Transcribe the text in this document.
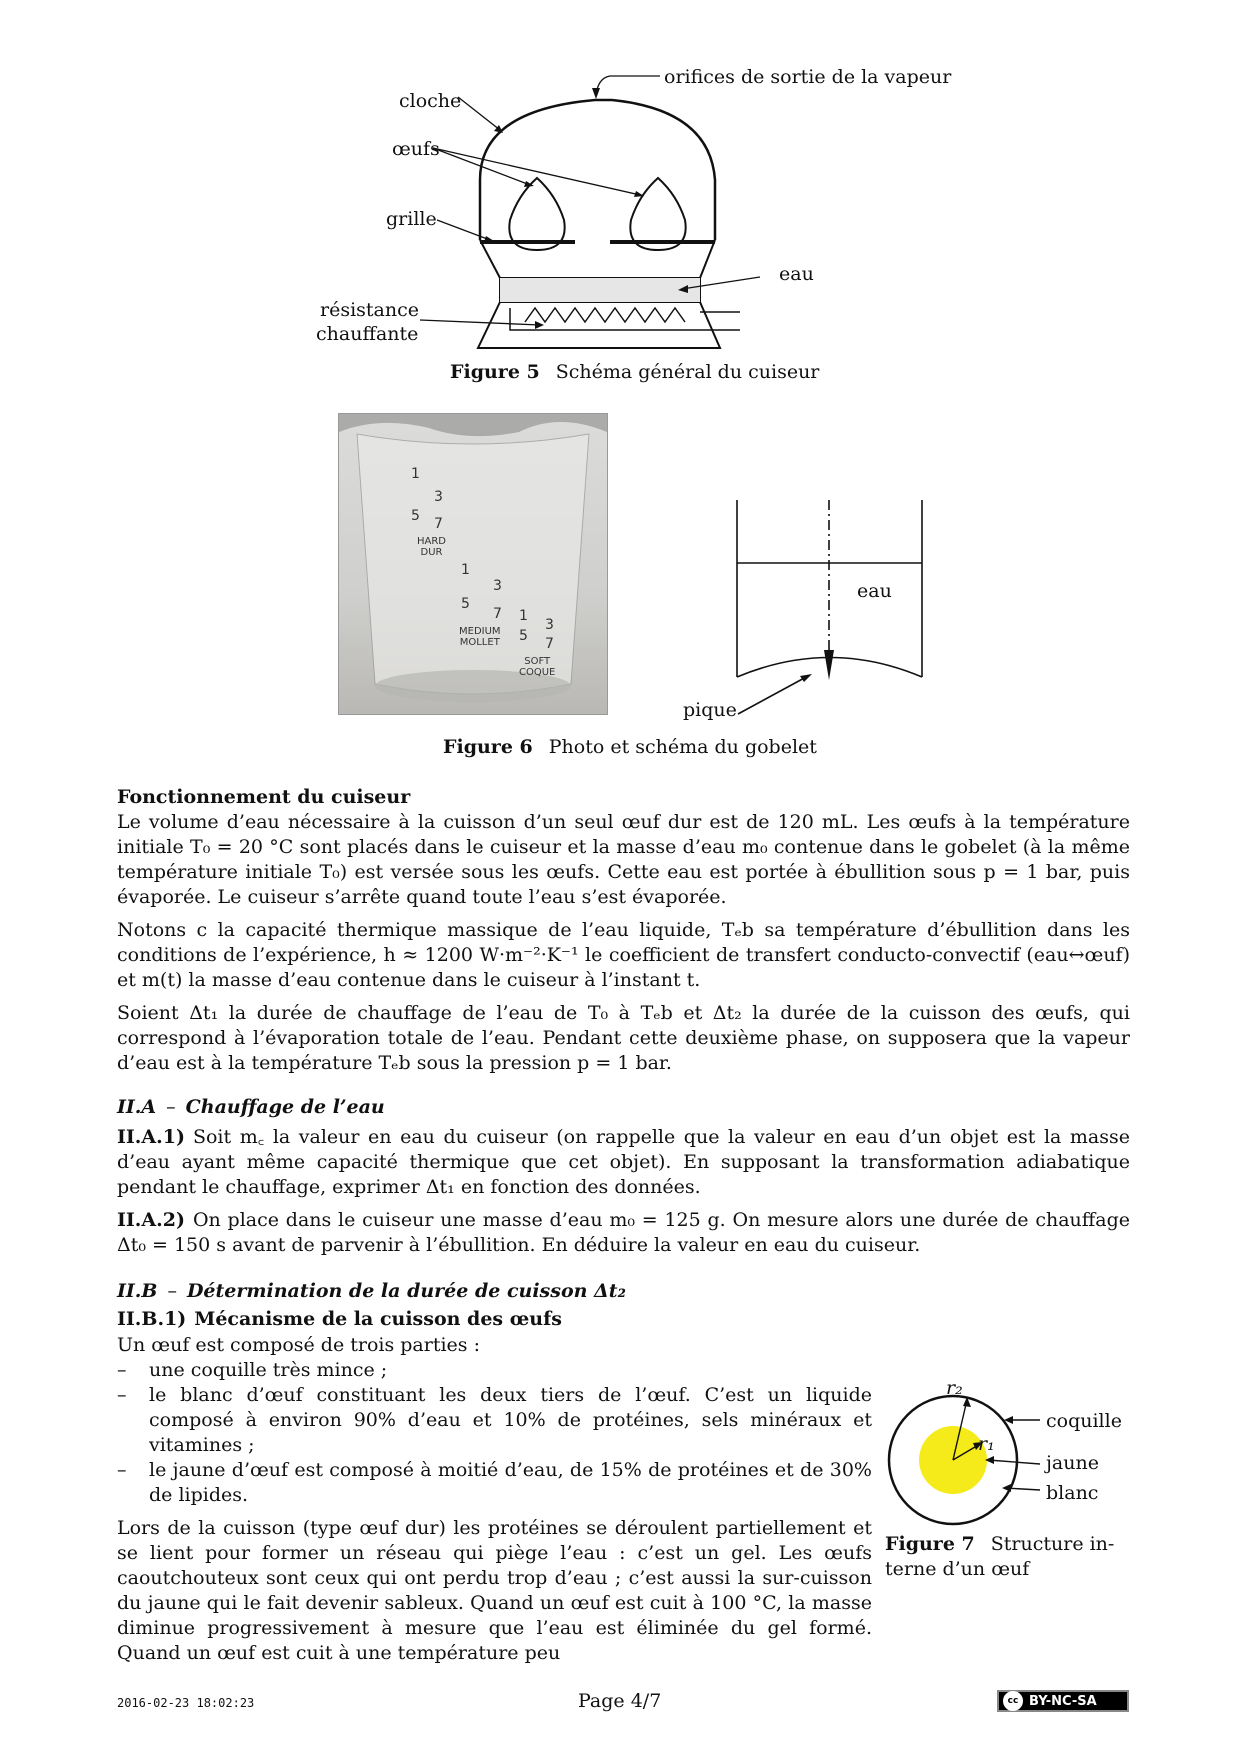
orifices de sortie de la vapeur
cloche
œufs
grille
eau
résistance
chauffante
Figure 5 Schéma général du cuiseur
1
3
5 7
HARD
DUR
1
3
5
7
MEDIUM
MOLLET
1
3
5 7
SOFT
COQUE
eau
pique
Figure 6 Photo et schéma du gobelet
Fonctionnement du cuiseur

Le volume d’eau nécessaire à la cuisson d’un seul œuf dur est de 120 mL. Les œufs à la température initiale T₀ = 20 °C sont placés dans le cuiseur et la masse d’eau m₀ contenue dans le gobelet (à la même température initiale T₀) est versée sous les œufs. Cette eau est portée à ébullition sous p = 1 bar, puis évaporée. Le cuiseur s’arrête quand toute l’eau s’est évaporée.

Notons c la capacité thermique massique de l’eau liquide, Tₑb sa température d’ébullition dans les conditions de l’expérience, h ≈ 1200 W·m⁻²·K⁻¹ le coefficient de transfert conducto-convectif (eau↔œuf) et m(t) la masse d’eau contenue dans le cuiseur à l’instant t.

Soient Δt₁ la durée de chauffage de l’eau de T₀ à Tₑb et Δt₂ la durée de la cuisson des œufs, qui correspond à l’évaporation totale de l’eau. Pendant cette deuxième phase, on supposera que la vapeur d’eau est à la température Tₑb sous la pression p = 1 bar.

II.A – Chauffage de l’eau

II.A.1) Soit m꜀ la valeur en eau du cuiseur (on rappelle que la valeur en eau d’un objet est la masse d’eau ayant même capacité thermique que cet objet). En supposant la transformation adiabatique pendant le chauffage, exprimer Δt₁ en fonction des données.

II.A.2) On place dans le cuiseur une masse d’eau m₀ = 125 g. On mesure alors une durée de chauffage Δt₀ = 150 s avant de parvenir à l’ébullition. En déduire la valeur en eau du cuiseur.

II.B – Détermination de la durée de cuisson Δt₂
II.B.1) Mécanisme de la cuisson des œufs

Un œuf est composé de trois parties :

– une coquille très mince ;
– le blanc d’œuf constituant les deux tiers de l’œuf. C’est un liquide composé à environ 90% d’eau et 10% de protéines, sels minéraux et vitamines ;
– le jaune d’œuf est composé à moitié d’eau, de 15% de protéines et de 30% de lipides.

Lors de la cuisson (type œuf dur) les protéines se déroulent partiellement et se lient pour former un réseau qui piège l’eau : c’est un gel. Les œufs caoutchouteux sont ceux qui ont perdu trop d’eau ; c’est aussi la sur-cuisson du jaune qui le fait devenir sableux. Quand un œuf est cuit à 100 °C, la masse diminue progressivement à mesure que l’eau est éliminée du gel formé. Quand un œuf est cuit à une température peu

r₂
r₁
coquille
jaune
blanc
Figure 7 Structure in-
terne d’un œuf
2016-02-23 18:02:23	Page 4/7	cc BY-NC-SA
